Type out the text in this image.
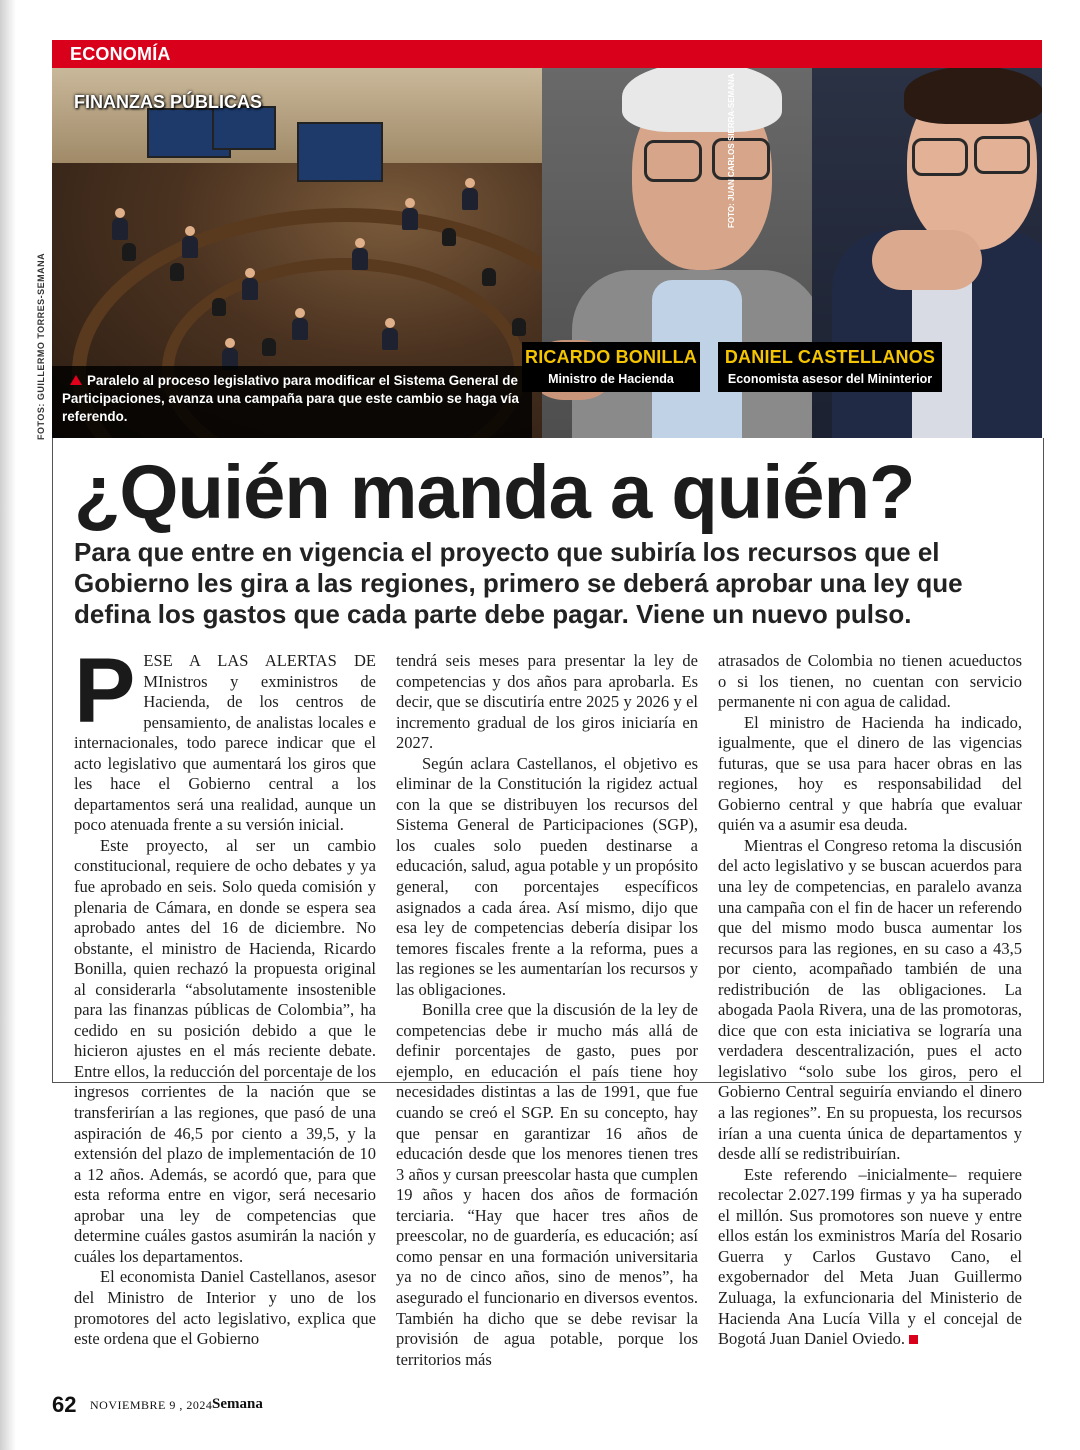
FOTOS: GUILLERMO TORRES-SEMANA
ECONOMÍA
FINANZAS PÚBLICAS

Paralelo al proceso legislativo para modificar el Sistema General de Participaciones, avanza una campaña para que este cambio se haga vía referendo.

FOTO: JUAN CARLOS SIERRA-SEMANA
RICARDO BONILLA
Ministro de Hacienda
DANIEL CASTELLANOS
Economista asesor del Mininterior
¿Quién manda a quién?
Para que entre en vigencia el proyecto que subiría los recursos que el Gobierno les gira a las regiones, primero se deberá aprobar una ley que defina los gastos que cada parte debe pagar. Viene un nuevo pulso.
P ESE A LAS ALERTAS DE MInistros y exministros de Hacienda, de los centros de pensamiento, de analistas locales e internacionales, todo parece indicar que el acto legislativo que aumentará los giros que les hace el Gobierno central a los departamentos será una realidad, aunque un poco atenuada frente a su versión inicial.

Este proyecto, al ser un cambio constitucional, requiere de ocho debates y ya fue aprobado en seis. Solo queda comisión y plenaria de Cámara, en donde se espera sea aprobado antes del 16 de diciembre. No obstante, el ministro de Hacienda, Ricardo Bonilla, quien rechazó la propuesta original al considerarla “absolutamente insostenible para las finanzas públicas de Colombia”, ha cedido en su posición debido a que le hicieron ajustes en el más reciente debate. Entre ellos, la reducción del porcentaje de los ingresos corrientes de la nación que se transferirían a las regiones, que pasó de una aspiración de 46,5 por ciento a 39,5, y la extensión del plazo de implementación de 10 a 12 años. Además, se acordó que, para que esta reforma entre en vigor, será necesario aprobar una ley de competencias que determine cuáles gastos asumirán la nación y cuáles los departamentos.

El economista Daniel Castellanos, asesor del Ministro de Interior y uno de los promotores del acto legislativo, explica que este ordena que el Gobierno

tendrá seis meses para presentar la ley de competencias y dos años para aprobarla. Es decir, que se discutiría entre 2025 y 2026 y el incremento gradual de los giros iniciaría en 2027.

Según aclara Castellanos, el objetivo es eliminar de la Constitución la rigidez actual con la que se distribuyen los recursos del Sistema General de Participaciones (SGP), los cuales solo pueden destinarse a educación, salud, agua potable y un propósito general, con porcentajes específicos asignados a cada área. Así mismo, dijo que esa ley de competencias debería disipar los temores fiscales frente a la reforma, pues a las regiones se les aumentarían los recursos y las obligaciones.

Bonilla cree que la discusión de la ley de competencias debe ir mucho más allá de definir porcentajes de gasto, pues por ejemplo, en educación el país tiene hoy necesidades distintas a las de 1991, que fue cuando se creó el SGP. En su concepto, hay que pensar en garantizar 16 años de educación desde que los menores tienen tres 3 años y cursan preescolar hasta que cumplen 19 años y hacen dos años de formación terciaria. “Hay que hacer tres años de preescolar, no de guardería, es educación; así como pensar en una formación universitaria ya no de cinco años, sino de menos”, ha asegurado el funcionario en diversos eventos. También ha dicho que se debe revisar la provisión de agua potable, porque los territorios más

atrasados de Colombia no tienen acueductos o si los tienen, no cuentan con servicio permanente ni con agua de calidad.

El ministro de Hacienda ha indicado, igualmente, que el dinero de las vigencias futuras, que se usa para hacer obras en las regiones, hoy es responsabilidad del Gobierno central y que habría que evaluar quién va a asumir esa deuda.

Mientras el Congreso retoma la discusión del acto legislativo y se buscan acuerdos para una ley de competencias, en paralelo avanza una campaña con el fin de hacer un referendo que del mismo modo busca aumentar los recursos para las regiones, en su caso a 43,5 por ciento, acompañado también de una redistribución de las obligaciones. La abogada Paola Rivera, una de las promotoras, dice que con esta iniciativa se lograría una verdadera descentralización, pues el acto legislativo “solo sube los giros, pero el Gobierno Central seguiría enviando el dinero a las regiones”. En su propuesta, los recursos irían a una cuenta única de departamentos y desde allí se redistribuirían.

Este referendo –inicialmente– requiere recolectar 2.027.199 firmas y ya ha superado el millón. Sus promotores son nueve y entre ellos están los exministros María del Rosario Guerra y Carlos Gustavo Cano, el exgobernador del Meta Juan Guillermo Zuluaga, la exfuncionaria del Ministerio de Hacienda Ana Lucía Villa y el concejal de Bogotá Juan Daniel Oviedo.

62 NOVIEMBRE 9 , 2024 Semana
